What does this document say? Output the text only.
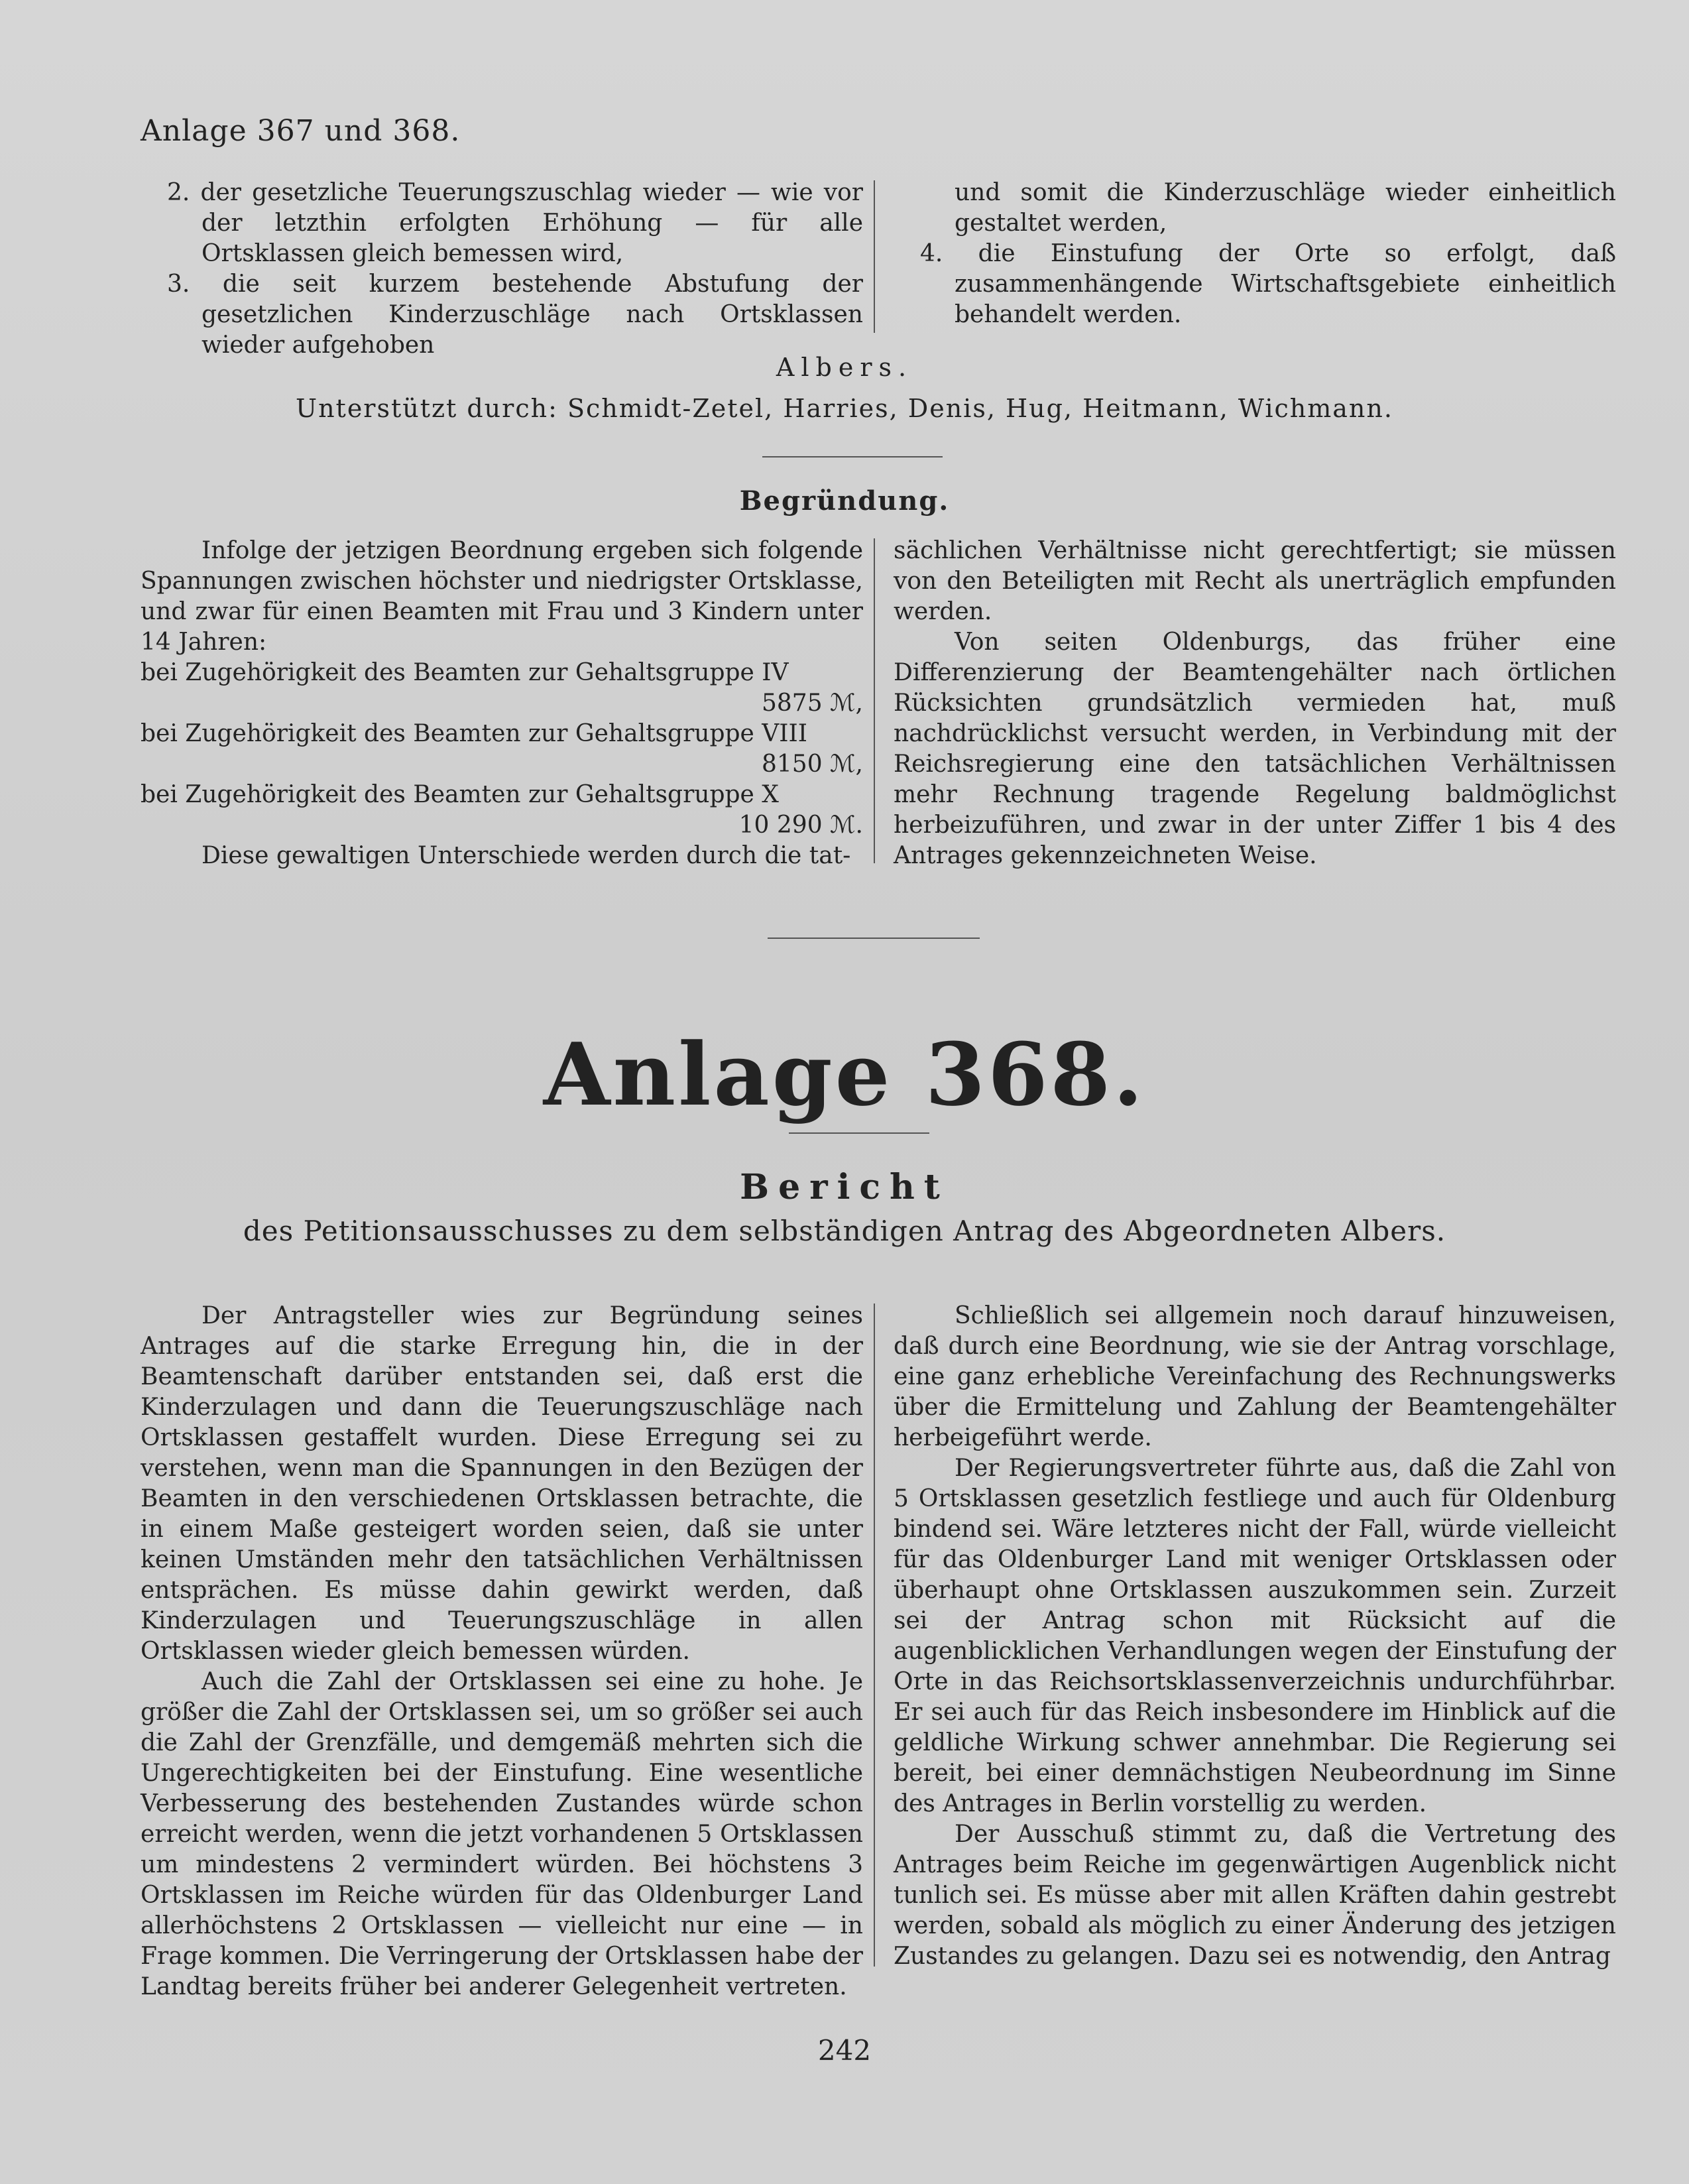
Anlage 367 und 368.

2. der gesetzliche Teuerungszuschlag wieder — wie vor der letzthin erfolgten Erhöhung — für alle Ortsklassen gleich bemessen wird,

3. die seit kurzem bestehende Abstufung der gesetzlichen Kinderzuschläge nach Ortsklassen wieder aufgehoben

und somit die Kinderzuschläge wieder einheitlich gestaltet werden,

4. die Einstufung der Orte so erfolgt, daß zusammenhängende Wirtschaftsgebiete einheitlich behandelt werden.

Albers.
Unterstützt durch: Schmidt-Zetel, Harries, Denis, Hug, Heitmann, Wichmann.
Begründung.

Infolge der jetzigen Beordnung ergeben sich folgende Spannungen zwischen höchster und niedrigster Ortsklasse, und zwar für einen Beamten mit Frau und 3 Kindern unter 14 Jahren:

bei Zugehörigkeit des Beamten zur Gehaltsgruppe IV

5875 ℳ,

bei Zugehörigkeit des Beamten zur Gehaltsgruppe VIII

8150 ℳ,

bei Zugehörigkeit des Beamten zur Gehaltsgruppe X

10 290 ℳ.

Diese gewaltigen Unterschiede werden durch die tat-

sächlichen Verhältnisse nicht gerechtfertigt; sie müssen von den Beteiligten mit Recht als unerträglich empfunden werden.

Von seiten Oldenburgs, das früher eine Differenzierung der Beamtengehälter nach örtlichen Rücksichten grundsätzlich vermieden hat, muß nachdrücklichst versucht werden, in Verbindung mit der Reichsregierung eine den tatsächlichen Verhältnissen mehr Rechnung tragende Regelung baldmöglichst herbeizuführen, und zwar in der unter Ziffer 1 bis 4 des Antrages gekennzeichneten Weise.

Anlage 368.
Bericht
des Petitionsausschusses zu dem selbständigen Antrag des Abgeordneten Albers.

Der Antragsteller wies zur Begründung seines Antrages auf die starke Erregung hin, die in der Beamtenschaft darüber entstanden sei, daß erst die Kinderzulagen und dann die Teuerungszuschläge nach Ortsklassen gestaffelt wurden. Diese Erregung sei zu verstehen, wenn man die Spannungen in den Bezügen der Beamten in den verschiedenen Ortsklassen betrachte, die in einem Maße gesteigert worden seien, daß sie unter keinen Umständen mehr den tatsächlichen Verhältnissen entsprächen. Es müsse dahin gewirkt werden, daß Kinderzulagen und Teuerungszuschläge in allen Ortsklassen wieder gleich bemessen würden.

Auch die Zahl der Ortsklassen sei eine zu hohe. Je größer die Zahl der Ortsklassen sei, um so größer sei auch die Zahl der Grenzfälle, und demgemäß mehrten sich die Ungerechtigkeiten bei der Einstufung. Eine wesentliche Verbesserung des bestehenden Zustandes würde schon erreicht werden, wenn die jetzt vorhandenen 5 Ortsklassen um mindestens 2 vermindert würden. Bei höchstens 3 Ortsklassen im Reiche würden für das Oldenburger Land allerhöchstens 2 Ortsklassen — vielleicht nur eine — in Frage kommen. Die Verringerung der Ortsklassen habe der Landtag bereits früher bei anderer Gelegenheit vertreten.

Schließlich sei allgemein noch darauf hinzuweisen, daß durch eine Beordnung, wie sie der Antrag vorschlage, eine ganz erhebliche Vereinfachung des Rechnungswerks über die Ermittelung und Zahlung der Beamtengehälter herbeigeführt werde.

Der Regierungsvertreter führte aus, daß die Zahl von 5 Ortsklassen gesetzlich festliege und auch für Oldenburg bindend sei. Wäre letzteres nicht der Fall, würde vielleicht für das Oldenburger Land mit weniger Ortsklassen oder überhaupt ohne Ortsklassen auszukommen sein. Zurzeit sei der Antrag schon mit Rücksicht auf die augenblicklichen Verhandlungen wegen der Einstufung der Orte in das Reichsortsklassenverzeichnis undurchführbar. Er sei auch für das Reich insbesondere im Hinblick auf die geldliche Wirkung schwer annehmbar. Die Regierung sei bereit, bei einer demnächstigen Neubeordnung im Sinne des Antrages in Berlin vorstellig zu werden.

Der Ausschuß stimmt zu, daß die Vertretung des Antrages beim Reiche im gegenwärtigen Augenblick nicht tunlich sei. Es müsse aber mit allen Kräften dahin gestrebt werden, sobald als möglich zu einer Änderung des jetzigen Zustandes zu gelangen. Dazu sei es notwendig, den Antrag

242
